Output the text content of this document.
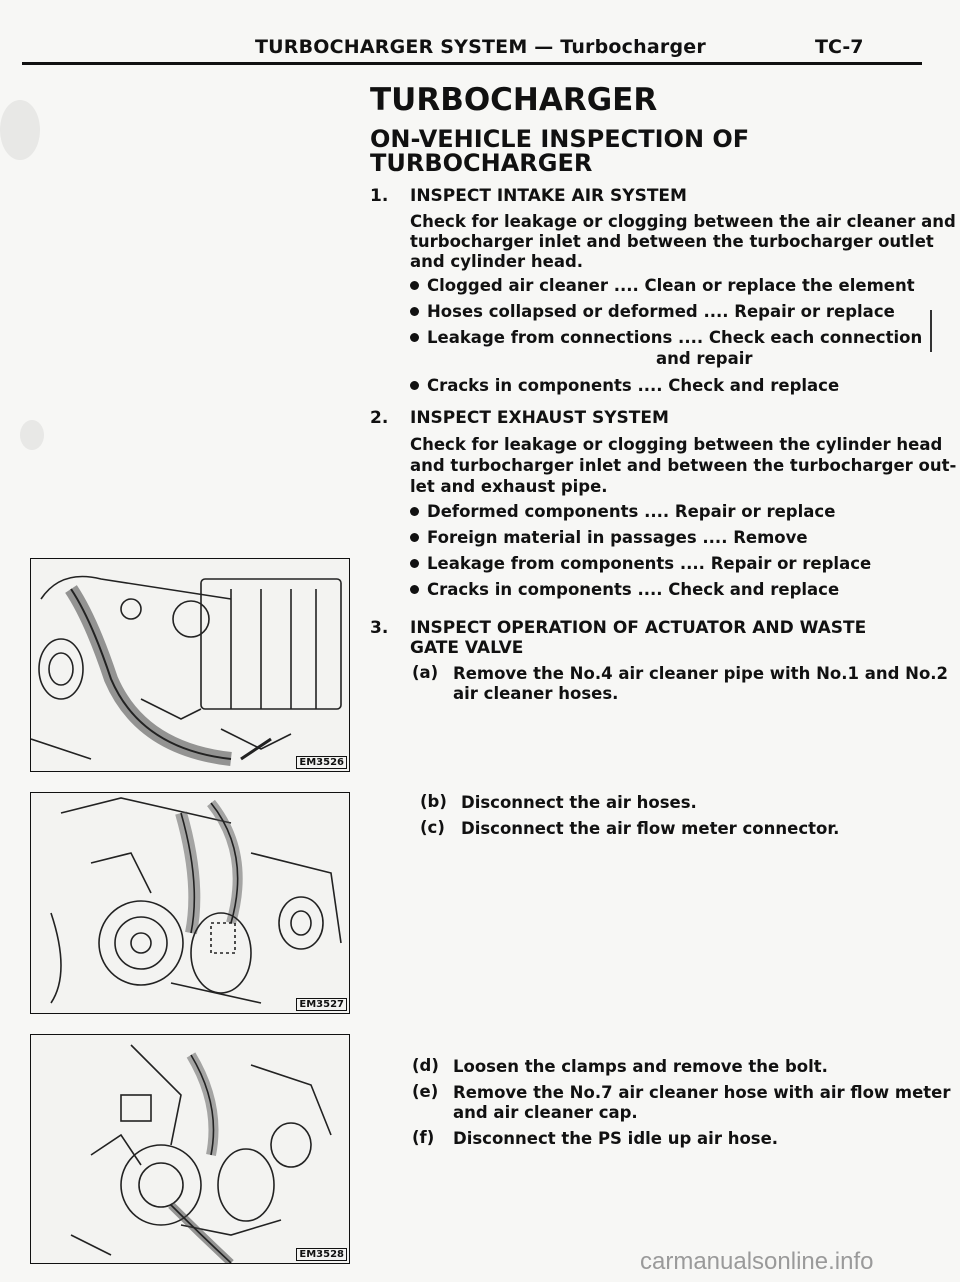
TURBOCHARGER SYSTEM — Turbocharger	TC-7
TURBOCHARGER
ON-VEHICLE INSPECTION OF
TURBOCHARGER
1. INSPECT INTAKE AIR SYSTEM
Check for leakage or clogging between the air cleaner and
turbocharger inlet and between the turbocharger outlet
and cylinder head.
Clogged air cleaner .... Clean or replace the element
Hoses collapsed or deformed .... Repair or replace
Leakage from connections .... Check each connection
and repair
Cracks in components .... Check and replace
2. INSPECT EXHAUST SYSTEM
Check for leakage or clogging between the cylinder head
and turbocharger inlet and between the turbocharger out-
let and exhaust pipe.
Deformed components .... Repair or replace
Foreign material in passages .... Remove
Leakage from components .... Repair or replace
Cracks in components .... Check and replace
3. INSPECT OPERATION OF ACTUATOR AND WASTE
GATE VALVE
(a) Remove the No.4 air cleaner pipe with No.1 and No.2
air cleaner hoses.
(b) Disconnect the air hoses.
(c) Disconnect the air flow meter connector.
(d) Loosen the clamps and remove the bolt.
(e) Remove the No.7 air cleaner hose with air flow meter
and air cleaner cap.
(f) Disconnect the PS idle up air hose.
EM3526
EM3527
EM3528	carmanualsonline.info
